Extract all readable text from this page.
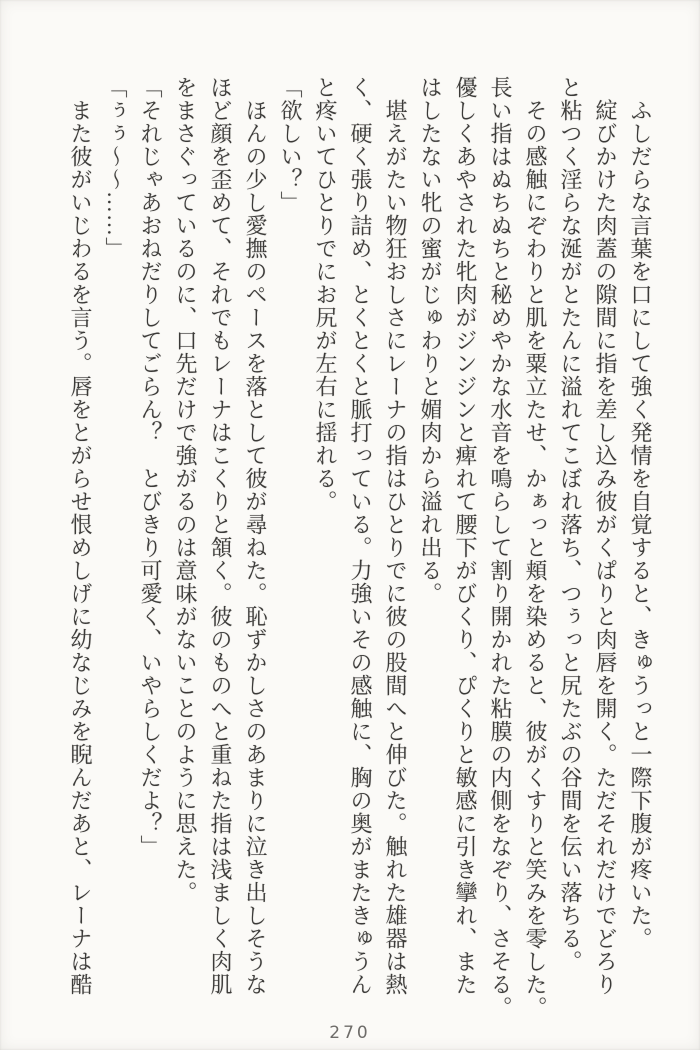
　ふしだらな言葉を口にして強く発情を自覚すると、きゅうっと一際下腹が疼いた。
　綻びかけた肉蓋の隙間に指を差し込み彼がくぱりと肉唇を開く。ただそれだけでどろり
と粘つく淫らな涎がとたんに溢れてこぼれ落ち、つぅっと尻たぶの谷間を伝い落ちる。
　その感触にぞわりと肌を粟立たせ、かぁっと頬を染めると、彼がくすりと笑みを零した。
長い指はぬちぬちと秘めやかな水音を鳴らして割り開かれた粘膜の内側をなぞり、さそる。
優しくあやされた牝肉がジンジンと痺れて腰下がびくり、ぴくりと敏感に引き攣れ、また
はしたない牝の蜜がじゅわりと媚肉から溢れ出る。
　堪えがたい物狂おしさにレーナの指はひとりでに彼の股間へと伸びた。触れた雄器は熱
く、硬く張り詰め、とくとくと脈打っている。力強いその感触に、胸の奥がまたきゅうん
と疼いてひとりでにお尻が左右に揺れる。
「欲しい？」
　ほんの少し愛撫のペースを落として彼が尋ねた。恥ずかしさのあまりに泣き出しそうな
ほど顔を歪めて、それでもレーナはこくりと頷く。彼のものへと重ねた指は浅ましく肉肌
をまさぐっているのに、口先だけで強がるのは意味がないことのように思えた。
「それじゃあおねだりしてごらん？　とびきり可愛く、いやらしくだよ？」
「ぅぅ～～……」
　また彼がいじわるを言う。唇をとがらせ恨めしげに幼なじみを睨んだあと、レーナは酷
270
